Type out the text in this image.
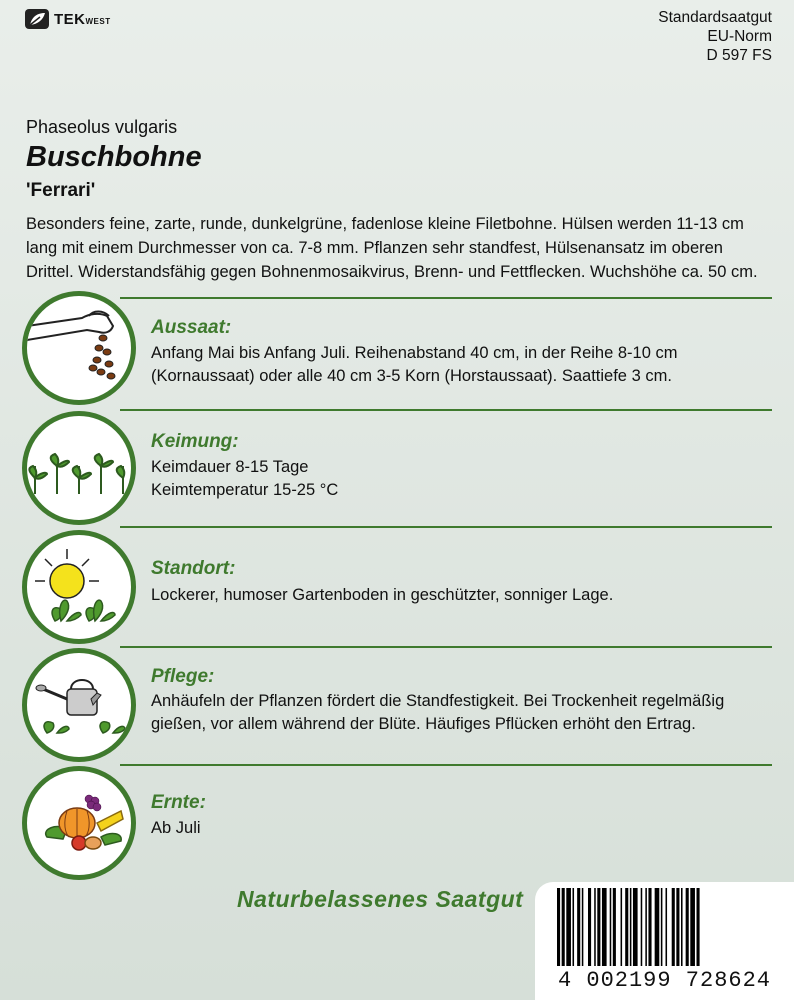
TEKWEST	Standardsaatgut
EU-Norm
D 597 FS
Phaseolus vulgaris
Buschbohne
'Ferrari'
Besonders feine, zarte, runde, dunkelgrüne, fadenlose kleine Filetbohne. Hülsen werden 11-13 cm lang mit einem Durchmesser von ca. 7-8 mm. Pflanzen sehr standfest, Hülsenansatz im oberen Drittel. Widerstandsfähig gegen Bohnenmosaikvirus, Brenn- und Fettflecken. Wuchshöhe ca. 50 cm.
Aussaat:
Anfang Mai bis Anfang Juli. Reihenabstand 40 cm, in der Reihe 8-10 cm (Kornaussaat) oder alle 40 cm 3-5 Korn (Horstaussaat). Saattiefe 3 cm.
Keimung:
Keimdauer 8-15 Tage
Keimtemperatur 15-25 °C
Standort:
Lockerer, humoser Gartenboden in geschützter, sonniger Lage.
Pflege:
Anhäufeln der Pflanzen fördert die Standfestigkeit. Bei Trockenheit regelmäßig gießen, vor allem während der Blüte. Häufiges Pflücken erhöht den Ertrag.
Ernte:
Ab Juli
Naturbelassenes Saatgut
4 002199 728624
